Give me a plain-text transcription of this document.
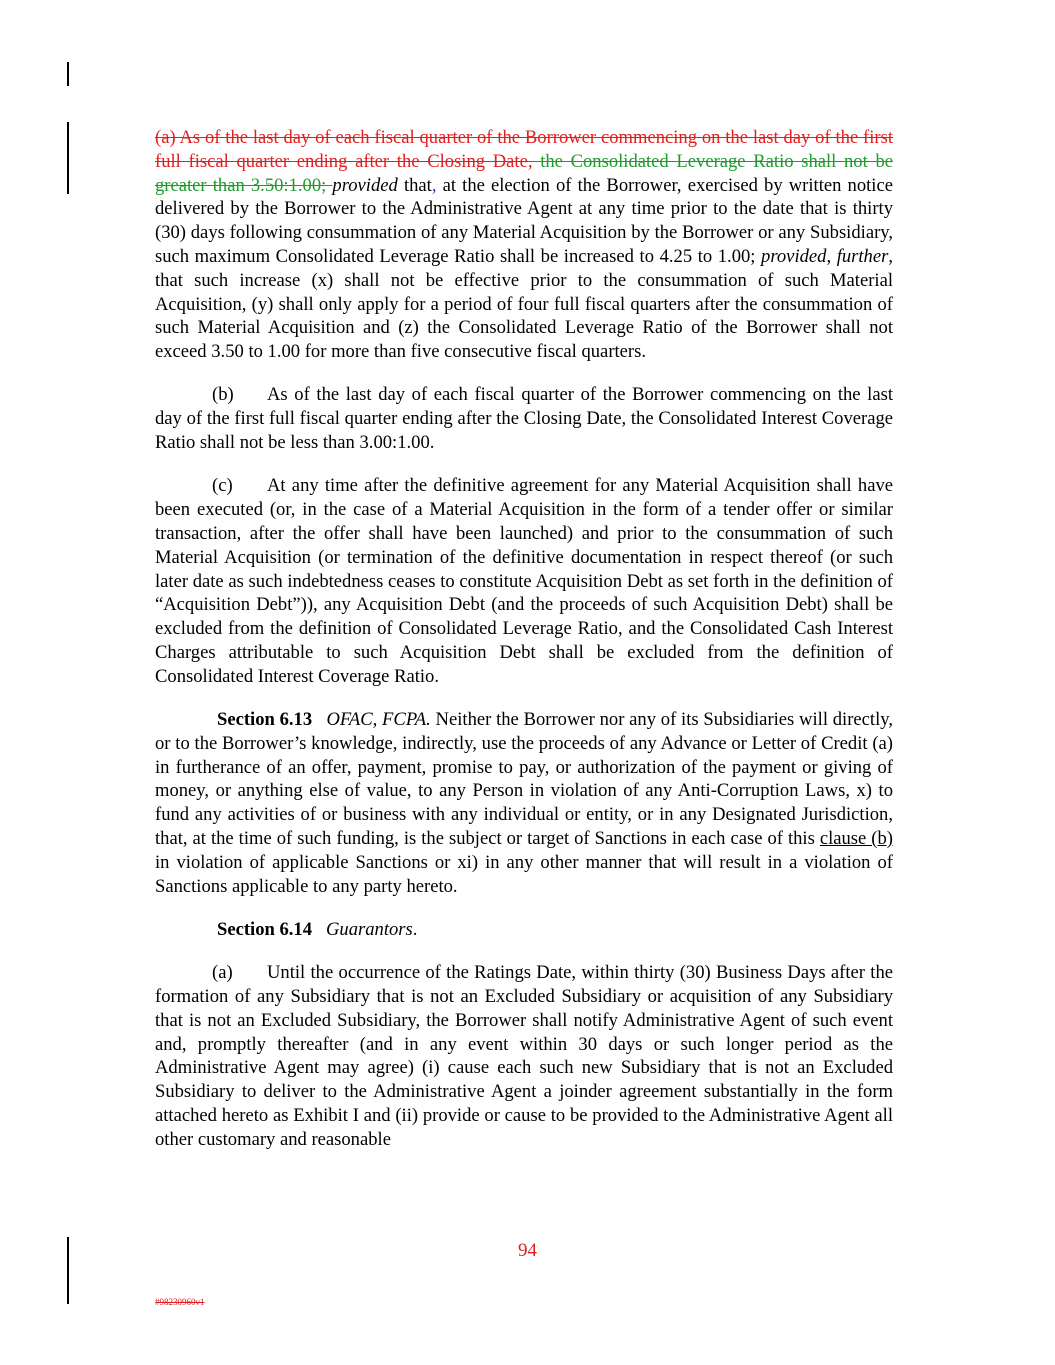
(a) As of the last day of each fiscal quarter of the Borrower commencing on the last day of the first full fiscal quarter ending after the Closing Date, the Consolidated Leverage Ratio shall not be greater than 3.50:1.00; provided that, at the election of the Borrower, exercised by written notice delivered by the Borrower to the Administrative Agent at any time prior to the date that is thirty (30) days following consummation of any Material Acquisition by the Borrower or any Subsidiary, such maximum Consolidated Leverage Ratio shall be increased to 4.25 to 1.00; provided, further, that such increase (x) shall not be effective prior to the consummation of such Material Acquisition, (y) shall only apply for a period of four full fiscal quarters after the consummation of such Material Acquisition and (z) the Consolidated Leverage Ratio of the Borrower shall not exceed 3.50 to 1.00 for more than five consecutive fiscal quarters.

(b) As of the last day of each fiscal quarter of the Borrower commencing on the last day of the first full fiscal quarter ending after the Closing Date, the Consolidated Interest Coverage Ratio shall not be less than 3.00:1.00.

(c) At any time after the definitive agreement for any Material Acquisition shall have been executed (or, in the case of a Material Acquisition in the form of a tender offer or similar transaction, after the offer shall have been launched) and prior to the consummation of such Material Acquisition (or termination of the definitive documentation in respect thereof (or such later date as such indebtedness ceases to constitute Acquisition Debt as set forth in the definition of “Acquisition Debt”)), any Acquisition Debt (and the proceeds of such Acquisition Debt) shall be excluded from the definition of Consolidated Leverage Ratio, and the Consolidated Cash Interest Charges attributable to such Acquisition Debt shall be excluded from the definition of Consolidated Interest Coverage Ratio.

Section 6.13 OFAC, FCPA. Neither the Borrower nor any of its Subsidiaries will directly, or to the Borrower’s knowledge, indirectly, use the proceeds of any Advance or Letter of Credit (a) in furtherance of an offer, payment, promise to pay, or authorization of the payment or giving of money, or anything else of value, to any Person in violation of any Anti-Corruption Laws, x) to fund any activities of or business with any individual or entity, or in any Designated Jurisdiction, that, at the time of such funding, is the subject or target of Sanctions in each case of this clause (b) in violation of applicable Sanctions or xi) in any other manner that will result in a violation of Sanctions applicable to any party hereto.

Section 6.14 Guarantors.

(a) Until the occurrence of the Ratings Date, within thirty (30) Business Days after the formation of any Subsidiary that is not an Excluded Subsidiary or acquisition of any Subsidiary that is not an Excluded Subsidiary, the Borrower shall notify Administrative Agent of such event and, promptly thereafter (and in any event within 30 days or such longer period as the Administrative Agent may agree) (i) cause each such new Subsidiary that is not an Excluded Subsidiary to deliver to the Administrative Agent a joinder agreement substantially in the form attached hereto as Exhibit I and (ii) provide or cause to be provided to the Administrative Agent all other customary and reasonable

94
#98230960v1
